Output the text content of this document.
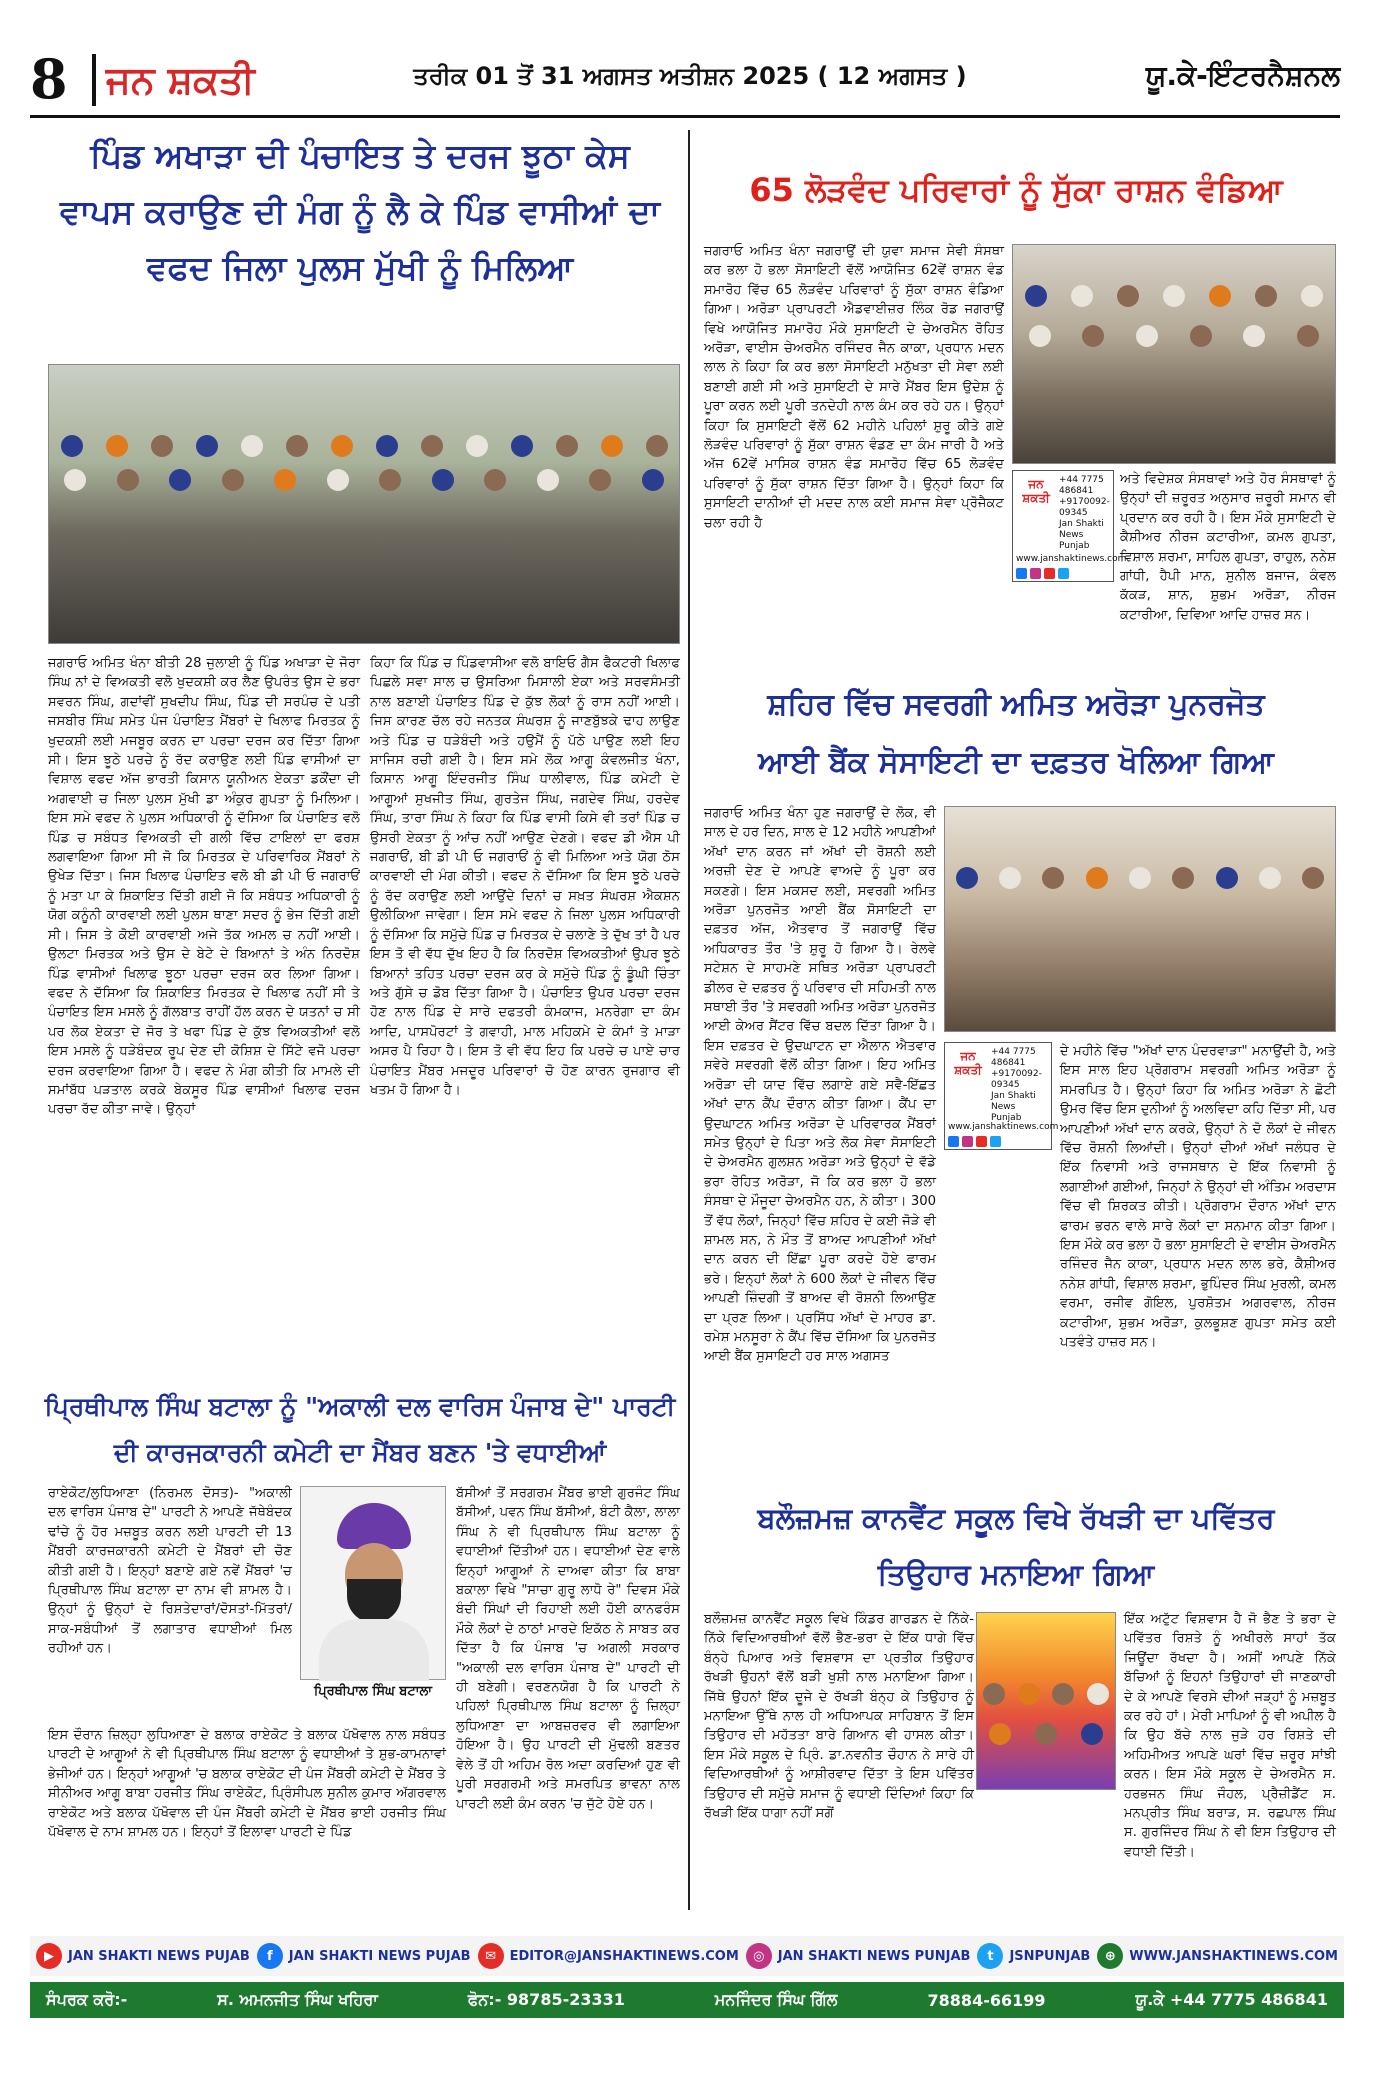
8	ਜਨ ਸ਼ਕਤੀ	ਤਰੀਕ 01 ਤੋਂ 31 ਅਗਸਤ ਅਤੀਸ਼ਨ 2025 ( 12 ਅਗਸਤ )	ਯੂ.ਕੇ-ਇੰਟਰਨੈਸ਼ਨਲ
ਪਿੰਡ ਅਖਾੜਾ ਦੀ ਪੰਚਾਇਤ ਤੇ ਦਰਜ ਝੂਠਾ ਕੇਸ
ਵਾਪਸ ਕਰਾਉਣ ਦੀ ਮੰਗ ਨੂੰ ਲੈ ਕੇ ਪਿੰਡ ਵਾਸੀਆਂ ਦਾ
ਵਫਦ ਜਿਲਾ ਪੁਲਸ ਮੁੱਖੀ ਨੂੰ ਮਿਲਿਆ
ਜਗਰਾਓ ਅਮਿਤ ਖੰਨਾ ਬੀਤੀ 28 ਜੁਲਾਈ ਨੂੰ ਪਿੰਡ ਅਖਾੜਾ ਦੇ ਜੋਰਾ ਸਿੰਘ ਨਾਂ ਦੇ ਵਿਅਕਤੀ ਵਲੋ ਖੁਦਕਸ਼ੀ ਕਰ ਲੈਣ ਉਪਰੰਤ ਉਸ ਦੇ ਭਰਾ ਸਵਰਨ ਸਿੰਘ, ਗਦਾਂਵੀਂ ਸੁਖਦੀਪ ਸਿੰਘ, ਪਿੰਡ ਦੀ ਸਰਪੰਚ ਦੇ ਪਤੀ ਜਸਬੀਰ ਸਿੰਘ ਸਮੇਤ ਪੰਜ ਪੰਚਾਇਤ ਮੈਂਬਰਾਂ ਦੇ ਖਿਲਾਫ ਮਿਰਤਕ ਨੂੰ ਖੁਦਕਸ਼ੀ ਲਈ ਮਜਬੂਰ ਕਰਨ ਦਾ ਪਰਚਾ ਦਰਜ ਕਰ ਦਿੱਤਾ ਗਿਆ ਸੀ। ਇਸ ਝੂਠੇ ਪਰਚੇ ਨੂੰ ਰੱਦ ਕਰਾਉਣ ਲਈ ਪਿੰਡ ਵਾਸੀਆਂ ਦਾ ਵਿਸ਼ਾਲ ਵਫਦ ਅੱਜ ਭਾਰਤੀ ਕਿਸਾਨ ਯੂਨੀਅਨ ਏਕਤਾ ਡਕੌਂਦਾ ਦੀ ਅਗਵਾਈ ਚ ਜਿਲਾ ਪੁਲਸ ਮੁੱਖੀ ਡਾ ਅੰਕੁਰ ਗੁਪਤਾ ਨੂੰ ਮਿਲਿਆ। ਇਸ ਸਮੇ ਵਫਦ ਨੇ ਪੁਲਸ ਅਧਿਕਾਰੀ ਨੂੰ ਦੱਸਿਆ ਕਿ ਪੰਚਾਇਤ ਵਲੋ ਪਿੰਡ ਚ ਸਬੰਧਤ ਵਿਅਕਤੀ ਦੀ ਗਲੀ ਵਿੱਚ ਟਾਇਲਾਂ ਦਾ ਫਰਸ਼ ਲਗਵਾਇਆ ਗਿਆ ਸੀ ਜੋ ਕਿ ਮਿਰਤਕ ਦੇ ਪਰਿਵਾਰਿਕ ਮੈਂਬਰਾਂ ਨੇ ਉਖੇੜ ਦਿੱਤਾ। ਜਿਸ ਖਿਲਾਫ ਪੰਚਾਇਤ ਵਲੋ ਬੀ ਡੀ ਪੀ ਓ ਜਗਰਾਓਂ ਨੂੰ ਮਤਾ ਪਾ ਕੇ ਸ਼ਿਕਾਇਤ ਦਿੱਤੀ ਗਈ ਜੋ ਕਿ ਸਬੰਧਤ ਅਧਿਕਾਰੀ ਨੂੰ ਯੋਗ ਕਨੂੰਨੀ ਕਾਰਵਾਈ ਲਈ ਪੁਲਸ ਥਾਣਾ ਸਦਰ ਨੂੰ ਭੇਜ ਦਿੱਤੀ ਗਈ ਸੀ। ਜਿਸ ਤੇ ਕੋਈ ਕਾਰਵਾਈ ਅਜੇ ਤੱਕ ਅਮਲ ਚ ਨਹੀਂ ਆਈ। ਉਲਟਾ ਮਿਰਤਕ ਅਤੇ ਉਸ ਦੇ ਬੇਟੇ ਦੇ ਬਿਆਨਾਂ ਤੇ ਅੰਨ ਨਿਰਦੋਸ਼ ਪਿੰਡ ਵਾਸੀਆਂ ਖਿਲਾਫ ਝੂਠਾ ਪਰਚਾ ਦਰਜ ਕਰ ਲਿਆ ਗਿਆ। ਵਫਦ ਨੇ ਦੱਸਿਆ ਕਿ ਸ਼ਿਕਾਇਤ ਮਿਰਤਕ ਦੇ ਖਿਲਾਫ ਨਹੀਂ ਸੀ ਤੇ ਪੰਚਾਇਤ ਇਸ ਮਸਲੇ ਨੂੰ ਗੱਲਬਾਤ ਰਾਹੀਂ ਹੱਲ ਕਰਨ ਦੇ ਯਤਨਾਂ ਚ ਸੀ ਪਰ ਲੋਕ ਏਕਤਾ ਦੇ ਜੋਰ ਤੇ ਖਫਾ ਪਿੰਡ ਦੇ ਕੁੱਝ ਵਿਅਕਤੀਆਂ ਵਲੋ ਇਸ ਮਸਲੇ ਨੂੰ ਧੜੇਬੰਦਕ ਰੂਪ ਦੇਣ ਦੀ ਕੋਸ਼ਿਸ਼ ਦੇ ਸਿੱਟੇ ਵਜੋ ਪਰਚਾ ਦਰਜ ਕਰਵਾਇਆ ਗਿਆ ਹੈ। ਵਫਦ ਨੇ ਮੰਗ ਕੀਤੀ ਕਿ ਮਾਮਲੇ ਦੀ ਸਮਾਂਬੱਧ ਪੜਤਾਲ ਕਰਕੇ ਬੇਕਸੂਰ ਪਿੰਡ ਵਾਸੀਆਂ ਖਿਲਾਫ ਦਰਜ ਪਰਚਾ ਰੱਦ ਕੀਤਾ ਜਾਵੇ। ਉਨ੍ਹਾਂ
ਕਿਹਾ ਕਿ ਪਿੰਡ ਚ ਪਿੰਡਵਾਸੀਆ ਵਲੋ ਬਾਇਓ ਗੈਸ ਫੈਕਟਰੀ ਖਿਲਾਫ ਪਿਛਲੇ ਸਵਾ ਸਾਲ ਚ ਉਸਰਿਆ ਮਿਸਾਲੀ ਏਕਾ ਅਤੇ ਸਰਵਸੰਮਤੀ ਨਾਲ ਬਣਾਈ ਪੰਚਾਇਤ ਪਿੰਡ ਦੇ ਕੁੱਝ ਲੋਕਾਂ ਨੂੰ ਰਾਸ ਨਹੀਂ ਆਈ। ਜਿਸ ਕਾਰਣ ਚੱਲ ਰਹੇ ਜਨਤਕ ਸੰਘਰਸ਼ ਨੂੰ ਜਾਣਬੁੱਝਕੇ ਢਾਹ ਲਾਉਣ ਅਤੇ ਪਿੰਡ ਚ ਧੜੇਬੰਦੀ ਅਤੇ ਹਉਮੈਂ ਨੂੰ ਪੱਠੇ ਪਾਉਣ ਲਈ ਇਹ ਸਾਜਿਸ ਰਚੀ ਗਈ ਹੈ। ਇਸ ਸਮੇ ਲੋਕ ਆਗੂ ਕੰਵਲਜੀਤ ਖੰਨਾ, ਕਿਸਾਨ ਆਗੂ ਇੰਦਰਜੀਤ ਸਿੰਘ ਧਾਲੀਵਾਲ, ਪਿੰਡ ਕਮੇਟੀ ਦੇ ਆਗੂਆਂ ਸੁਖਜੀਤ ਸਿੰਘ, ਗੁਰਤੇਜ ਸਿੰਘ, ਜਗਦੇਵ ਸਿੰਘ, ਹਰਦੇਵ ਸਿੰਘ, ਤਾਰਾ ਸਿੰਘ ਨੇ ਕਿਹਾ ਕਿ ਪਿੰਡ ਵਾਸੀ ਕਿਸੇ ਵੀ ਤਰਾਂ ਪਿੰਡ ਚ ਉਸਰੀ ਏਕਤਾ ਨੂੰ ਆਂਚ ਨਹੀਂ ਆਉਣ ਦੇਣਗੇ। ਵਫਦ ਡੀ ਐਸ ਪੀ ਜਗਰਾਓਂ, ਬੀ ਡੀ ਪੀ ਓ ਜਗਰਾਓਂ ਨੂੰ ਵੀ ਮਿਲਿਆ ਅਤੇ ਯੋਗ ਠੋਸ ਕਾਰਵਾਈ ਦੀ ਮੰਗ ਕੀਤੀ। ਵਫਦ ਨੇ ਦੱਸਿਆ ਕਿ ਇਸ ਝੂਠੇ ਪਰਚੇ ਨੂੰ ਰੱਦ ਕਰਾਉਣ ਲਈ ਆਉਂਦੇ ਦਿਨਾਂ ਚ ਸਖ਼ਤ ਸੰਘਰਸ਼ ਐਕਸ਼ਨ ਉਲੀਕਿਆ ਜਾਵੇਗਾ। ਇਸ ਸਮੇ ਵਫਦ ਨੇ ਜਿਲਾ ਪੁਲਸ ਅਧਿਕਾਰੀ ਨੂੰ ਦੱਸਿਆ ਕਿ ਸਮੁੱਚੇ ਪਿੰਡ ਚ ਮਿਰਤਕ ਦੇ ਚਲਾਣੇ ਤੇ ਦੁੱਖ ਤਾਂ ਹੈ ਪਰ ਇਸ ਤੋ ਵੀ ਵੱਧ ਦੁੱਖ ਇਹ ਹੈ ਕਿ ਨਿਰਦੋਸ਼ ਵਿਅਕਤੀਆਂ ਉਪਰ ਝੂਠੇ ਬਿਆਨਾਂ ਤਹਿਤ ਪਰਚਾ ਦਰਜ ਕਰ ਕੇ ਸਮੁੱਚੇ ਪਿੰਡ ਨੂੰ ਡੂੰਘੀ ਚਿੰਤਾ ਅਤੇ ਗੁੱਸੇ ਚ ਡੋਬ ਦਿੱਤਾ ਗਿਆ ਹੈ। ਪੰਚਾਇਤ ਉਪਰ ਪਰਚਾ ਦਰਜ ਹੋਣ ਨਾਲ ਪਿੰਡ ਦੇ ਸਾਰੇ ਦਫਤਰੀ ਕੰਮਕਾਜ, ਮਨਰੇਗਾ ਦਾ ਕੰਮ ਆਦਿ, ਪਾਸਪੋਰਟਾਂ ਤੇ ਗਵਾਹੀ, ਮਾਲ ਮਹਿਕਮੇ ਦੇ ਕੰਮਾਂ ਤੇ ਮਾੜਾ ਅਸਰ ਪੈ ਰਿਹਾ ਹੈ। ਇਸ ਤੋ ਵੀ ਵੱਧ ਇਹ ਕਿ ਪਰਚੇ ਚ ਪਾਏ ਚਾਰ ਪੰਚਾਇਤ ਮੈਂਬਰ ਮਜਦੂਰ ਪਰਿਵਾਰਾਂ ਚੋ ਹੋਣ ਕਾਰਨ ਰੁਜਗਾਰ ਵੀ ਖਤਮ ਹੋ ਗਿਆ ਹੈ।
65 ਲੋੜਵੰਦ ਪਰਿਵਾਰਾਂ ਨੂੰ ਸੁੱਕਾ ਰਾਸ਼ਨ ਵੰਡਿਆ
ਜਗਰਾਓ ਅਮਿਤ ਖੰਨਾ ਜਗਰਾਉਂ ਦੀ ਯੁਵਾ ਸਮਾਜ ਸੇਵੀ ਸੰਸਥਾ ਕਰ ਭਲਾ ਹੋ ਭਲਾ ਸੋਸਾਇਟੀ ਵੱਲੋਂ ਆਯੋਜਿਤ 62ਵੇਂ ਰਾਸ਼ਨ ਵੰਡ ਸਮਾਰੋਹ ਵਿੱਚ 65 ਲੋੜਵੰਦ ਪਰਿਵਾਰਾਂ ਨੂੰ ਸੁੱਕਾ ਰਾਸ਼ਨ ਵੰਡਿਆ ਗਿਆ। ਅਰੋੜਾ ਪ੍ਰਾਪਰਟੀ ਐਡਵਾਈਜ਼ਰ ਲਿੰਕ ਰੋਡ ਜਗਰਾਉਂ ਵਿਖੇ ਆਯੋਜਿਤ ਸਮਾਰੋਹ ਮੌਕੇ ਸੁਸਾਇਟੀ ਦੇ ਚੇਅਰਮੈਨ ਰੋਹਿਤ ਅਰੋੜਾ, ਵਾਈਸ ਚੇਅਰਮੈਨ ਰਜਿੰਦਰ ਜੈਨ ਕਾਕਾ, ਪ੍ਰਧਾਨ ਮਦਨ ਲਾਲ ਨੇ ਕਿਹਾ ਕਿ ਕਰ ਭਲਾ ਸੋਸਾਇਟੀ ਮਨੁੱਖਤਾ ਦੀ ਸੇਵਾ ਲਈ ਬਣਾਈ ਗਈ ਸੀ ਅਤੇ ਸੁਸਾਇਟੀ ਦੇ ਸਾਰੇ ਮੈਂਬਰ ਇਸ ਉਦੇਸ਼ ਨੂੰ ਪੂਰਾ ਕਰਨ ਲਈ ਪੂਰੀ ਤਨਦੇਹੀ ਨਾਲ ਕੰਮ ਕਰ ਰਹੇ ਹਨ। ਉਨ੍ਹਾਂ ਕਿਹਾ ਕਿ ਸੁਸਾਇਟੀ ਵੱਲੋਂ 62 ਮਹੀਨੇ ਪਹਿਲਾਂ ਸ਼ੁਰੂ ਕੀਤੇ ਗਏ ਲੋੜਵੰਦ ਪਰਿਵਾਰਾਂ ਨੂੰ ਸੁੱਕਾ ਰਾਸ਼ਨ ਵੰਡਣ ਦਾ ਕੰਮ ਜਾਰੀ ਹੈ ਅਤੇ ਅੱਜ 62ਵੇਂ ਮਾਸਿਕ ਰਾਸ਼ਨ ਵੰਡ ਸਮਾਰੋਹ ਵਿੱਚ 65 ਲੋੜਵੰਦ ਪਰਿਵਾਰਾਂ ਨੂੰ ਸੁੱਕਾ ਰਾਸ਼ਨ ਦਿੱਤਾ ਗਿਆ ਹੈ। ਉਨ੍ਹਾਂ ਕਿਹਾ ਕਿ ਸੁਸਾਇਟੀ ਦਾਨੀਆਂ ਦੀ ਮਦਦ ਨਾਲ ਕਈ ਸਮਾਜ ਸੇਵਾ ਪ੍ਰੋਜੈਕਟ ਚਲਾ ਰਹੀ ਹੈ
ਜਨ ਸ਼ਕਤੀ
+44 7775 486841
+9170092-09345
Jan Shakti News Punjab
www.janshaktinews.com
ਅਤੇ ਵਿਦੇਸ਼ਕ ਸੰਸਥਾਵਾਂ ਅਤੇ ਹੋਰ ਸੰਸਥਾਵਾਂ ਨੂੰ ਉਨ੍ਹਾਂ ਦੀ ਜ਼ਰੂਰਤ ਅਨੁਸਾਰ ਜ਼ਰੂਰੀ ਸਮਾਨ ਵੀ ਪ੍ਰਦਾਨ ਕਰ ਰਹੀ ਹੈ। ਇਸ ਮੌਕੇ ਸੁਸਾਇਟੀ ਦੇ ਕੈਸ਼ੀਅਰ ਨੀਰਜ ਕਟਾਰੀਆ, ਕਮਲ ਗੁਪਤਾ, ਵਿਸ਼ਾਲ ਸ਼ਰਮਾ, ਸਾਹਿਲ ਗੁਪਤਾ, ਰਾਹੁਲ, ਨਨੇਸ਼ ਗਾਂਧੀ, ਹੈਪੀ ਮਾਨ, ਸੁਨੀਲ ਬਜਾਜ, ਕੰਵਲ ਕੱਕੜ, ਸ਼ਾਨ, ਸ਼ੁਭਮ ਅਰੋੜਾ, ਨੀਰਜ ਕਟਾਰੀਆ, ਦਿਵਿਆ ਆਦਿ ਹਾਜ਼ਰ ਸਨ।
ਸ਼ਹਿਰ ਵਿੱਚ ਸਵਰਗੀ ਅਮਿਤ ਅਰੋੜਾ ਪੁਨਰਜੋਤ
ਆਈ ਬੈਂਕ ਸੋਸਾਇਟੀ ਦਾ ਦਫ਼ਤਰ ਖੋਲਿਆ ਗਿਆ
ਜਗਰਾਓ ਅਮਿਤ ਖੰਨਾ ਹੁਣ ਜਗਰਾਉਂ ਦੇ ਲੋਕ, ਵੀ ਸਾਲ ਦੇ ਹਰ ਦਿਨ, ਸਾਲ ਦੇ 12 ਮਹੀਨੇ ਆਪਣੀਆਂ ਅੱਖਾਂ ਦਾਨ ਕਰਨ ਜਾਂ ਅੱਖਾਂ ਦੀ ਰੋਸ਼ਨੀ ਲਈ ਅਰਜ਼ੀ ਦੇਣ ਦੇ ਆਪਣੇ ਵਾਅਦੇ ਨੂੰ ਪੂਰਾ ਕਰ ਸਕਣਗੇ। ਇਸ ਮਕਸਦ ਲਈ, ਸਵਰਗੀ ਅਮਿਤ ਅਰੋੜਾ ਪੁਨਰਜੋਤ ਆਈ ਬੈਂਕ ਸੋਸਾਇਟੀ ਦਾ ਦਫ਼ਤਰ ਅੱਜ, ਐਤਵਾਰ ਤੋਂ ਜਗਰਾਉਂ ਵਿੱਚ ਅਧਿਕਾਰਤ ਤੌਰ 'ਤੇ ਸ਼ੁਰੂ ਹੋ ਗਿਆ ਹੈ। ਰੇਲਵੇ ਸਟੇਸ਼ਨ ਦੇ ਸਾਹਮਣੇ ਸਥਿਤ ਅਰੋੜਾ ਪ੍ਰਾਪਰਟੀ ਡੀਲਰ ਦੇ ਦਫ਼ਤਰ ਨੂੰ ਪਰਿਵਾਰ ਦੀ ਸਹਿਮਤੀ ਨਾਲ ਸਥਾਈ ਤੌਰ 'ਤੇ ਸਵਰਗੀ ਅਮਿਤ ਅਰੋੜਾ ਪੁਨਰਜੋਤ ਆਈ ਕੇਅਰ ਸੈਂਟਰ ਵਿੱਚ ਬਦਲ ਦਿੱਤਾ ਗਿਆ ਹੈ। ਇਸ ਦਫ਼ਤਰ ਦੇ ਉਦਘਾਟਨ ਦਾ ਐਲਾਨ ਐਤਵਾਰ ਸਵੇਰੇ ਸਵਰਗੀ ਵੱਲੋਂ ਕੀਤਾ ਗਿਆ। ਇਹ ਅਮਿਤ ਅਰੋੜਾ ਦੀ ਯਾਦ ਵਿੱਚ ਲਗਾਏ ਗਏ ਸਵੈ-ਇੱਛਤ ਅੱਖਾਂ ਦਾਨ ਕੈਂਪ ਦੌਰਾਨ ਕੀਤਾ ਗਿਆ। ਕੈਂਪ ਦਾ ਉਦਘਾਟਨ ਅਮਿਤ ਅਰੋੜਾ ਦੇ ਪਰਿਵਾਰਕ ਮੈਂਬਰਾਂ ਸਮੇਤ ਉਨ੍ਹਾਂ ਦੇ ਪਿਤਾ ਅਤੇ ਲੋਕ ਸੇਵਾ ਸੋਸਾਇਟੀ ਦੇ ਚੇਅਰਮੈਨ ਗੁਲਸ਼ਨ ਅਰੋੜਾ ਅਤੇ ਉਨ੍ਹਾਂ ਦੇ ਵੱਡੇ ਭਰਾ ਰੋਹਿਤ ਅਰੋੜਾ, ਜੋ ਕਿ ਕਰ ਭਲਾ ਹੋ ਭਲਾ ਸੰਸਥਾ ਦੇ ਮੌਜੂਦਾ ਚੇਅਰਮੈਨ ਹਨ, ਨੇ ਕੀਤਾ। 300 ਤੋਂ ਵੱਧ ਲੋਕਾਂ, ਜਿਨ੍ਹਾਂ ਵਿੱਚ ਸ਼ਹਿਰ ਦੇ ਕਈ ਜੋੜੇ ਵੀ ਸ਼ਾਮਲ ਸਨ, ਨੇ ਮੌਤ ਤੋਂ ਬਾਅਦ ਆਪਣੀਆਂ ਅੱਖਾਂ ਦਾਨ ਕਰਨ ਦੀ ਇੱਛਾ ਪੂਰਾ ਕਰਦੇ ਹੋਏ ਫਾਰਮ ਭਰੇ। ਇਨ੍ਹਾਂ ਲੋਕਾਂ ਨੇ 600 ਲੋਕਾਂ ਦੇ ਜੀਵਨ ਵਿੱਚ ਆਪਣੀ ਜ਼ਿੰਦਗੀ ਤੋਂ ਬਾਅਦ ਵੀ ਰੋਸ਼ਨੀ ਲਿਆਉਣ ਦਾ ਪ੍ਰਣ ਲਿਆ। ਪ੍ਰਸਿੱਧ ਅੱਖਾਂ ਦੇ ਮਾਹਰ ਡਾ. ਰਮੇਸ਼ ਮਨਸੂਰਾ ਨੇ ਕੈਂਪ ਵਿੱਚ ਦੱਸਿਆ ਕਿ ਪੁਨਰਜੋਤ ਆਈ ਬੈਂਕ ਸੁਸਾਇਟੀ ਹਰ ਸਾਲ ਅਗਸਤ
ਜਨ ਸ਼ਕਤੀ
+44 7775 486841
+9170092-09345
Jan Shakti News Punjab
www.janshaktinews.com
ਦੇ ਮਹੀਨੇ ਵਿੱਚ "ਅੱਖਾਂ ਦਾਨ ਪੰਦਰਵਾੜਾ" ਮਨਾਉਂਦੀ ਹੈ, ਅਤੇ ਇਸ ਸਾਲ ਇਹ ਪ੍ਰੋਗਰਾਮ ਸਵਰਗੀ ਅਮਿਤ ਅਰੋੜਾ ਨੂੰ ਸਮਰਪਿਤ ਹੈ। ਉਨ੍ਹਾਂ ਕਿਹਾ ਕਿ ਅਮਿਤ ਅਰੋੜਾ ਨੇ ਛੋਟੀ ਉਮਰ ਵਿੱਚ ਇਸ ਦੁਨੀਆਂ ਨੂੰ ਅਲਵਿਦਾ ਕਹਿ ਦਿੱਤਾ ਸੀ, ਪਰ ਆਪਣੀਆਂ ਅੱਖਾਂ ਦਾਨ ਕਰਕੇ, ਉਨ੍ਹਾਂ ਨੇ ਦੋ ਲੋਕਾਂ ਦੇ ਜੀਵਨ ਵਿੱਚ ਰੋਸ਼ਨੀ ਲਿਆਂਦੀ। ਉਨ੍ਹਾਂ ਦੀਆਂ ਅੱਖਾਂ ਜਲੰਧਰ ਦੇ ਇੱਕ ਨਿਵਾਸੀ ਅਤੇ ਰਾਜਸਥਾਨ ਦੇ ਇੱਕ ਨਿਵਾਸੀ ਨੂੰ ਲਗਾਈਆਂ ਗਈਆਂ, ਜਿਨ੍ਹਾਂ ਨੇ ਉਨ੍ਹਾਂ ਦੀ ਅੰਤਿਮ ਅਰਦਾਸ ਵਿੱਚ ਵੀ ਸ਼ਿਰਕਤ ਕੀਤੀ। ਪ੍ਰੋਗਰਾਮ ਦੌਰਾਨ ਅੱਖਾਂ ਦਾਨ ਫਾਰਮ ਭਰਨ ਵਾਲੇ ਸਾਰੇ ਲੋਕਾਂ ਦਾ ਸਨਮਾਨ ਕੀਤਾ ਗਿਆ। ਇਸ ਮੌਕੇ ਕਰ ਭਲਾ ਹੋ ਭਲਾ ਸੁਸਾਇਟੀ ਦੇ ਵਾਈਸ ਚੇਅਰਮੈਨ ਰਜਿੰਦਰ ਜੈਨ ਕਾਕਾ, ਪ੍ਰਧਾਨ ਮਦਨ ਲਾਲ ਭਰੇ, ਕੈਸ਼ੀਅਰ ਨਨੇਸ਼ ਗਾਂਧੀ, ਵਿਸ਼ਾਲ ਸ਼ਰਮਾ, ਭੁਪਿੰਦਰ ਸਿੰਘ ਮੁਰਲੀ, ਕਮਲ ਵਰਮਾ, ਰਜੀਵ ਗੋਇਲ, ਪੁਰਸ਼ੋਤਮ ਅਗਰਵਾਲ, ਨੀਰਜ ਕਟਾਰੀਆ, ਸ਼ੁਭਮ ਅਰੋੜਾ, ਕੁਲਭੂਸ਼ਣ ਗੁਪਤਾ ਸਮੇਤ ਕਈ ਪਤਵੰਤੇ ਹਾਜ਼ਰ ਸਨ।
ਪ੍ਰਿਥੀਪਾਲ ਸਿੰਘ ਬਟਾਲਾ ਨੂੰ "ਅਕਾਲੀ ਦਲ ਵਾਰਿਸ ਪੰਜਾਬ ਦੇ" ਪਾਰਟੀ
ਦੀ ਕਾਰਜਕਾਰਨੀ ਕਮੇਟੀ ਦਾ ਮੈਂਬਰ ਬਣਨ 'ਤੇ ਵਧਾਈਆਂ
ਰਾਏਕੋਟ/ਲੁਧਿਆਣਾ (ਨਿਰਮਲ ਦੋਸਤ)- "ਅਕਾਲੀ ਦਲ ਵਾਰਿਸ ਪੰਜਾਬ ਦੇ" ਪਾਰਟੀ ਨੇ ਆਪਣੇ ਜੱਥੇਬੰਦਕ ਢਾਂਚੇ ਨੂੰ ਹੋਰ ਮਜ਼ਬੂਤ ਕਰਨ ਲਈ ਪਾਰਟੀ ਦੀ 13 ਮੈਂਬਰੀ ਕਾਰਜਕਾਰਨੀ ਕਮੇਟੀ ਦੇ ਮੈਂਬਰਾਂ ਦੀ ਚੋਣ ਕੀਤੀ ਗਈ ਹੈ। ਇਨ੍ਹਾਂ ਬਣਾਏ ਗਏ ਨਵੇਂ ਮੈਂਬਰਾਂ 'ਚ ਪ੍ਰਿਥੀਪਾਲ ਸਿੰਘ ਬਟਾਲਾ ਦਾ ਨਾਮ ਵੀ ਸ਼ਾਮਲ ਹੈ। ਉਨ੍ਹਾਂ ਨੂੰ ਉਨ੍ਹਾਂ ਦੇ ਰਿਸ਼ਤੇਦਾਰਾਂ/ਦੋਸਤਾਂ-ਮਿੱਤਰਾਂ/ਸਾਕ-ਸਬੰਧੀਆਂ ਤੋਂ ਲਗਾਤਾਰ ਵਧਾਈਆਂ ਮਿਲ ਰਹੀਆਂ ਹਨ।
ਪ੍ਰਿਥੀਪਾਲ ਸਿੰਘ ਬਟਾਲਾ
ਇਸ ਦੌਰਾਨ ਜ਼ਿਲ੍ਹਾ ਲੁਧਿਆਣਾ ਦੇ ਬਲਾਕ ਰਾਏਕੋਟ ਤੇ ਬਲਾਕ ਪੱਖੋਵਾਲ ਨਾਲ ਸਬੰਧਤ ਪਾਰਟੀ ਦੇ ਆਗੂਆਂ ਨੇ ਵੀ ਪ੍ਰਿਥੀਪਾਲ ਸਿੰਘ ਬਟਾਲਾ ਨੂੰ ਵਧਾਈਆਂ ਤੇ ਸ਼ੁਭ-ਕਾਮਨਾਵਾਂ ਭੇਜੀਆਂ ਹਨ। ਇਨ੍ਹਾਂ ਆਗੂਆਂ 'ਚ ਬਲਾਕ ਰਾਏਕੋਟ ਦੀ ਪੰਜ ਮੈਂਬਰੀ ਕਮੇਟੀ ਦੇ ਮੈਂਬਰ ਤੇ ਸੀਨੀਅਰ ਆਗੂ ਬਾਬਾ ਹਰਜੀਤ ਸਿੰਘ ਰਾਏਕੋਟ, ਪ੍ਰਿੰਸੀਪਲ ਸੁਨੀਲ ਕੁਮਾਰ ਅੱਗਰਵਾਲ ਰਾਏਕੋਟ ਅਤੇ ਬਲਾਕ ਪੱਖੋਵਾਲ ਦੀ ਪੰਜ ਮੈਂਬਰੀ ਕਮੇਟੀ ਦੇ ਮੈਂਬਰ ਭਾਈ ਹਰਜੀਤ ਸਿੰਘ ਪੱਖੋਵਾਲ ਦੇ ਨਾਮ ਸ਼ਾਮਲ ਹਨ। ਇਨ੍ਹਾਂ ਤੋਂ ਇਲਾਵਾ ਪਾਰਟੀ ਦੇ ਪਿੰਡ
ਬੱਸੀਆਂ ਤੋਂ ਸਰਗਰਮ ਮੈਂਬਰ ਭਾਈ ਗੁਰਜੰਟ ਸਿੰਘ ਬੱਸੀਆਂ, ਪਵਨ ਸਿੰਘ ਬੱਸੀਆਂ, ਬੰਟੀ ਕੈਲਾ, ਲਾਲਾ ਸਿੰਘ ਨੇ ਵੀ ਪ੍ਰਿਥੀਪਾਲ ਸਿੰਘ ਬਟਾਲਾ ਨੂੰ ਵਧਾਈਆਂ ਦਿੱਤੀਆਂ ਹਨ। ਵਧਾਈਆਂ ਦੇਣ ਵਾਲੇ ਇਨ੍ਹਾਂ ਆਗੂਆਂ ਨੇ ਦਾਅਵਾ ਕੀਤਾ ਕਿ ਬਾਬਾ ਬਕਾਲਾ ਵਿਖੇ "ਸਾਚਾ ਗੁਰੂ ਲਾਧੋ ਰੇ" ਦਿਵਸ ਮੌਕੇ ਬੰਦੀ ਸਿੰਘਾਂ ਦੀ ਰਿਹਾਈ ਲਈ ਹੋਈ ਕਾਨਫਰੰਸ ਮੌਕੇ ਲੋਕਾਂ ਦੇ ਠਾਠਾਂ ਮਾਰਦੇ ਇਕੱਠ ਨੇ ਸਾਬਤ ਕਰ ਦਿੱਤਾ ਹੈ ਕਿ ਪੰਜਾਬ 'ਚ ਅਗਲੀ ਸਰਕਾਰ "ਅਕਾਲੀ ਦਲ ਵਾਰਿਸ ਪੰਜਾਬ ਦੇ" ਪਾਰਟੀ ਦੀ ਹੀ ਬਣੇਗੀ। ਵਰਣਨਯੋਗ ਹੈ ਕਿ ਪਾਰਟੀ ਨੇ ਪਹਿਲਾਂ ਪ੍ਰਿਥੀਪਾਲ ਸਿੰਘ ਬਟਾਲਾ ਨੂੰ ਜ਼ਿਲ੍ਹਾ ਲੁਧਿਆਣਾ ਦਾ ਆਬਜ਼ਰਵਰ ਵੀ ਲਗਾਇਆ ਹੋਇਆ ਹੈ। ਉਹ ਪਾਰਟੀ ਦੀ ਮੁੱਢਲੀ ਬਣਤਰ ਵੇਲੇ ਤੋਂ ਹੀ ਅਹਿਮ ਰੋਲ ਅਦਾ ਕਰਦਿਆਂ ਹੁਣ ਵੀ ਪੂਰੀ ਸਰਗਰਮੀ ਅਤੇ ਸਮਰਪਿਤ ਭਾਵਨਾ ਨਾਲ ਪਾਰਟੀ ਲਈ ਕੰਮ ਕਰਨ 'ਚ ਜੁੱਟੇ ਹੋਏ ਹਨ।
ਬਲੌਜ਼ਮਜ਼ ਕਾਨਵੈਂਟ ਸਕੂਲ ਵਿਖੇ ਰੱਖੜੀ ਦਾ ਪਵਿੱਤਰ
ਤਿਉਹਾਰ ਮਨਾਇਆ ਗਿਆ
ਬਲੌਜ਼ਮਜ਼ ਕਾਨਵੈਂਟ ਸਕੂਲ ਵਿਖੇ ਕਿੰਡਰ ਗਾਰਡਨ ਦੇ ਨਿੱਕੇ-ਨਿੱਕੇ ਵਿਦਿਆਰਥੀਆਂ ਵੱਲੋਂ ਭੈਣ-ਭਰਾ ਦੇ ਇੱਕ ਧਾਗੇ ਵਿੱਚ ਬੰਨ੍ਹੇ ਪਿਆਰ ਅਤੇ ਵਿਸ਼ਵਾਸ ਦਾ ਪ੍ਰਤੀਕ ਤਿਉਹਾਰ ਰੱਖੜੀ ਉਹਨਾਂ ਵੱਲੋਂ ਬੜੀ ਖੁਸ਼ੀ ਨਾਲ ਮਨਾਇਆ ਗਿਆ। ਜਿੱਥੇ ਉਹਨਾਂ ਇੱਕ ਦੂਜੇ ਦੇ ਰੱਖੜੀ ਬੰਨ੍ਹ ਕੇ ਤਿਉਹਾਰ ਨੂੰ ਮਨਾਇਆ ਉੱਥੇ ਨਾਲ ਹੀ ਅਧਿਆਪਕ ਸਾਹਿਬਾਨ ਤੋਂ ਇਸ ਤਿਉਹਾਰ ਦੀ ਮਹੱਤਤਾ ਬਾਰੇ ਗਿਆਨ ਵੀ ਹਾਸਲ ਕੀਤਾ। ਇਸ ਮੌਕੇ ਸਕੂਲ ਦੇ ਪ੍ਰਿੰ. ਡਾ.ਨਵਨੀਤ ਚੌਹਾਨ ਨੇ ਸਾਰੇ ਹੀ ਵਿਦਿਆਰਥੀਆਂ ਨੂੰ ਆਸ਼ੀਰਵਾਦ ਦਿੱਤਾ ਤੇ ਇਸ ਪਵਿੱਤਰ ਤਿਉਹਾਰ ਦੀ ਸਮੁੱਚੇ ਸਮਾਜ ਨੂੰ ਵਧਾਈ ਦਿੰਦਿਆਂ ਕਿਹਾ ਕਿ ਰੱਖੜੀ ਇੱਕ ਧਾਗਾ ਨਹੀਂ ਸਗੋਂ
ਇੱਕ ਅਟੁੱਟ ਵਿਸ਼ਵਾਸ ਹੈ ਜੋ ਭੈਣ ਤੇ ਭਰਾ ਦੇ ਪਵਿੱਤਰ ਰਿਸ਼ਤੇ ਨੂੰ ਅਖੀਰਲੇ ਸਾਹਾਂ ਤੱਕ ਜਿਊਂਦਾ ਰੱਖਦਾ ਹੈ। ਅਸੀਂ ਆਪਣੇ ਨਿੱਕੇ ਬੱਚਿਆਂ ਨੂੰ ਇਹਨਾਂ ਤਿਉਹਾਰਾਂ ਦੀ ਜਾਣਕਾਰੀ ਦੇ ਕੇ ਆਪਣੇ ਵਿਰਸੇ ਦੀਆਂ ਜੜ੍ਹਾਂ ਨੂੰ ਮਜ਼ਬੂਤ ਕਰ ਰਹੇ ਹਾਂ। ਮੇਰੀ ਮਾਪਿਆਂ ਨੂੰ ਵੀ ਅਪੀਲ ਹੈ ਕਿ ਉਹ ਬੱਚੇ ਨਾਲ ਜੁੜੇ ਹਰ ਰਿਸ਼ਤੇ ਦੀ ਅਹਿਮੀਅਤ ਆਪਣੇ ਘਰਾਂ ਵਿੱਚ ਜ਼ਰੂਰ ਸਾਂਝੀ ਕਰਨ। ਇਸ ਮੌਕੇ ਸਕੂਲ ਦੇ ਚੇਅਰਮੈਨ ਸ. ਹਰਭਜਨ ਸਿੰਘ ਜੌਹਲ, ਪ੍ਰੈਜ਼ੀਡੈਂਟ ਸ. ਮਨਪ੍ਰੀਤ ਸਿੰਘ ਬਰਾੜ, ਸ. ਰਛਪਾਲ ਸਿੰਘ ਸ. ਗੁਰਜਿੰਦਰ ਸਿੰਘ ਨੇ ਵੀ ਇਸ ਤਿਉਹਾਰ ਦੀ ਵਧਾਈ ਦਿੱਤੀ।
▶	JAN SHAKTI NEWS PUJAB	f	JAN SHAKTI NEWS PUJAB	✉	EDITOR@JANSHAKTINEWS.COM	◎	JAN SHAKTI NEWS PUNJAB	t	JSNPUNJAB	⊕	WWW.JANSHAKTINEWS.COM
ਸੰਪਰਕ ਕਰੋ:-	ਸ. ਅਮਨਜੀਤ ਸਿੰਘ ਖਹਿਰਾ	ਫੋਨ:- 98785-23331	ਮਨਜਿੰਦਰ ਸਿੰਘ ਗਿੱਲ	78884-66199	ਯੂ.ਕੇ +44 7775 486841
